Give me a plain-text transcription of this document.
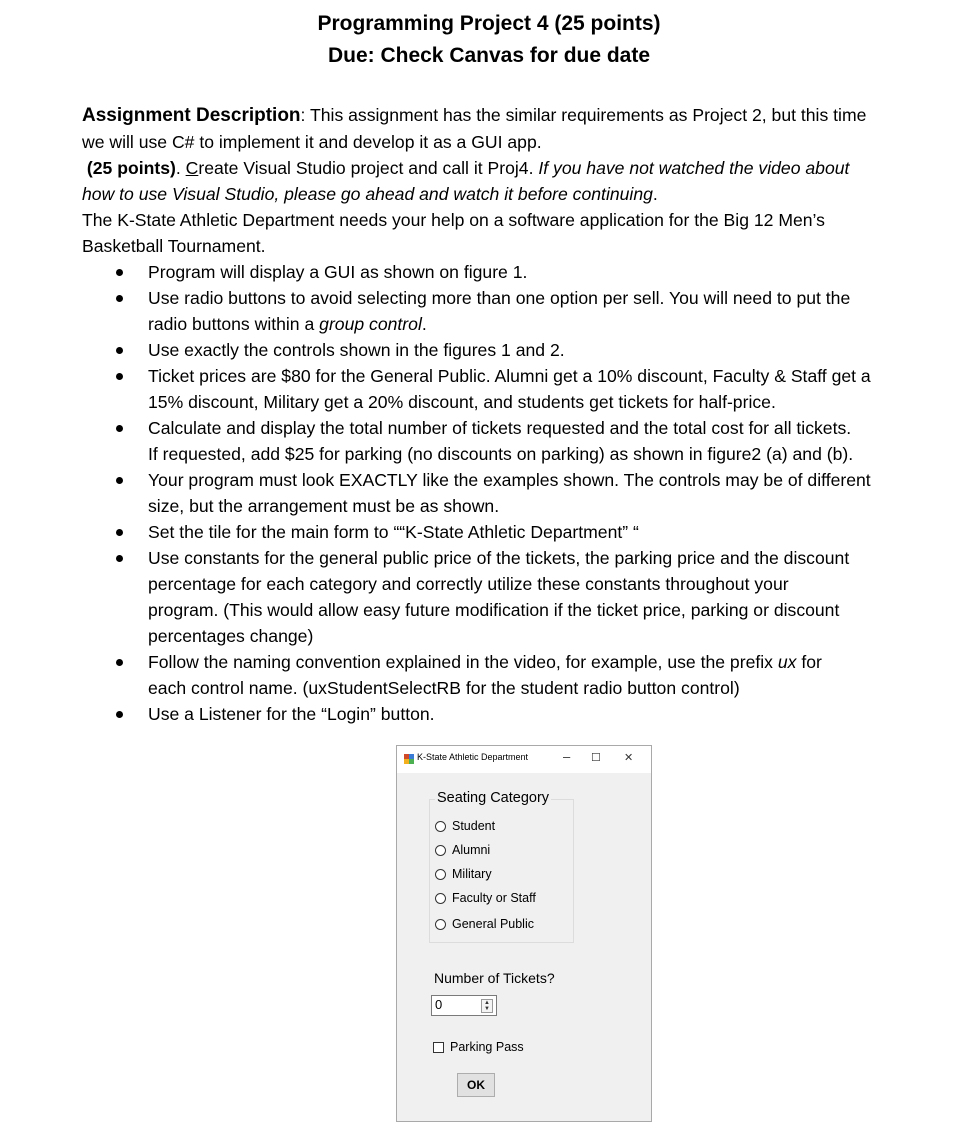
Programming Project 4 (25 points)
Due: Check Canvas for due date

Assignment Description: This assignment has the similar requirements as Project 2, but this time

we will use C# to implement it and develop it as a GUI app.

(25 points). Create Visual Studio project and call it Proj4. If you have not watched the video about

how to use Visual Studio, please go ahead and watch it before continuing.

The K-State Athletic Department needs your help on a software application for the Big 12 Men’s

Basketball Tournament.

Program will display a GUI as shown on figure 1.
Use radio buttons to avoid selecting more than one option per sell. You will need to put the
radio buttons within a group control.
Use exactly the controls shown in the figures 1 and 2.
Ticket prices are $80 for the General Public. Alumni get a 10% discount, Faculty & Staff get a
15% discount, Military get a 20% discount, and students get tickets for half-price.
Calculate and display the total number of tickets requested and the total cost for all tickets.
If requested, add $25 for parking (no discounts on parking) as shown in figure2 (a) and (b).
Your program must look EXACTLY like the examples shown. The controls may be of different
size, but the arrangement must be as shown.
Set the tile for the main form to ““K-State Athletic Department” “
Use constants for the general public price of the tickets, the parking price and the discount
percentage for each category and correctly utilize these constants throughout your
program. (This would allow easy future modification if the ticket price, parking or discount
percentages change)
Follow the naming convention explained in the video, for example, use the prefix ux for
each control name. (uxStudentSelectRB for the student radio button control)
Use a Listener for the “Login” button.
K-State Athletic Department	– ☐ ✕
Seating Category
Student
Alumni
Military
Faculty or Staff
General Public
Number of Tickets?
0	▲
▼
Parking Pass
OK
